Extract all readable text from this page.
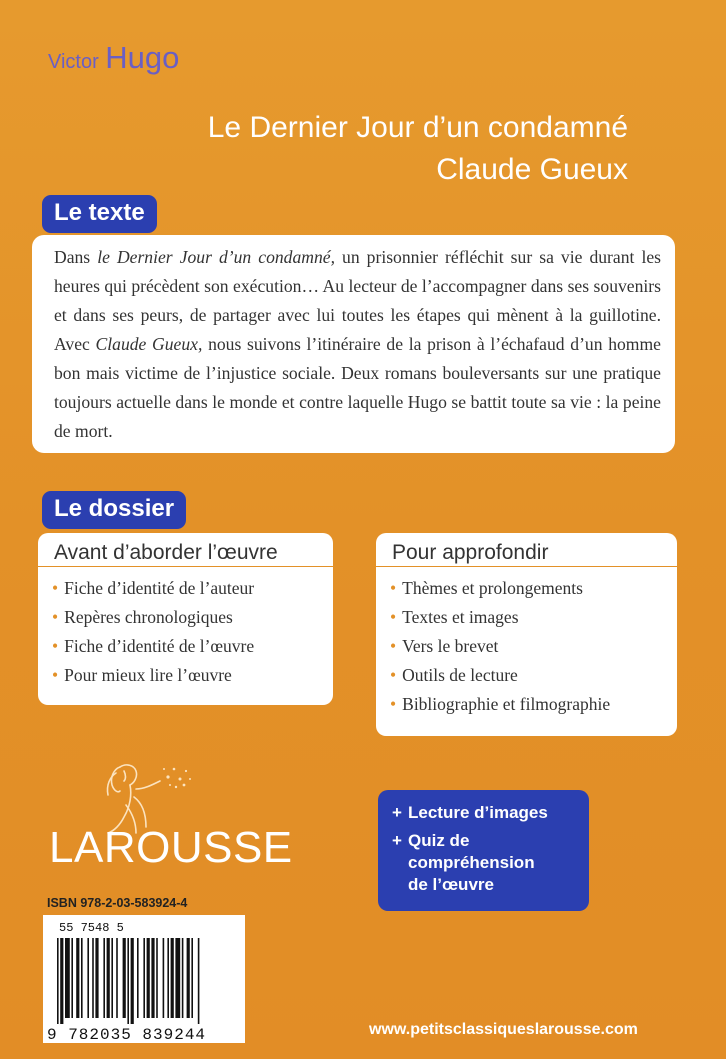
Victor Hugo
Le Dernier Jour d’un condamné
Claude Gueux
Le texte
Dans le Dernier Jour d’un condamné, un prisonnier réfléchit sur sa vie durant les heures qui précèdent son exécution… Au lecteur de l’accompagner dans ses souvenirs et dans ses peurs, de partager avec lui toutes les étapes qui mènent à la guillotine. Avec Claude Gueux, nous suivons l’itinéraire de la prison à l’échafaud d’un homme bon mais victime de l’injustice sociale. Deux romans bouleversants sur une pratique toujours actuelle dans le monde et contre laquelle Hugo se battit toute sa vie : la peine de mort.
Le dossier
Avant d’aborder l’œuvre
• Fiche d’identité de l’auteur
• Repères chronologiques
• Fiche d’identité de l’œuvre
• Pour mieux lire l’œuvre
Pour approfondir
• Thèmes et prolongements
• Textes et images
• Vers le brevet
• Outils de lecture
• Bibliographie et filmographie
LAROUSSE
+ Lecture d’images
+ Quiz de
compréhension
de l’œuvre
ISBN 978-2-03-583924-4
55 7548 5
9 782035 839244	www.petitsclassiqueslarousse.com
